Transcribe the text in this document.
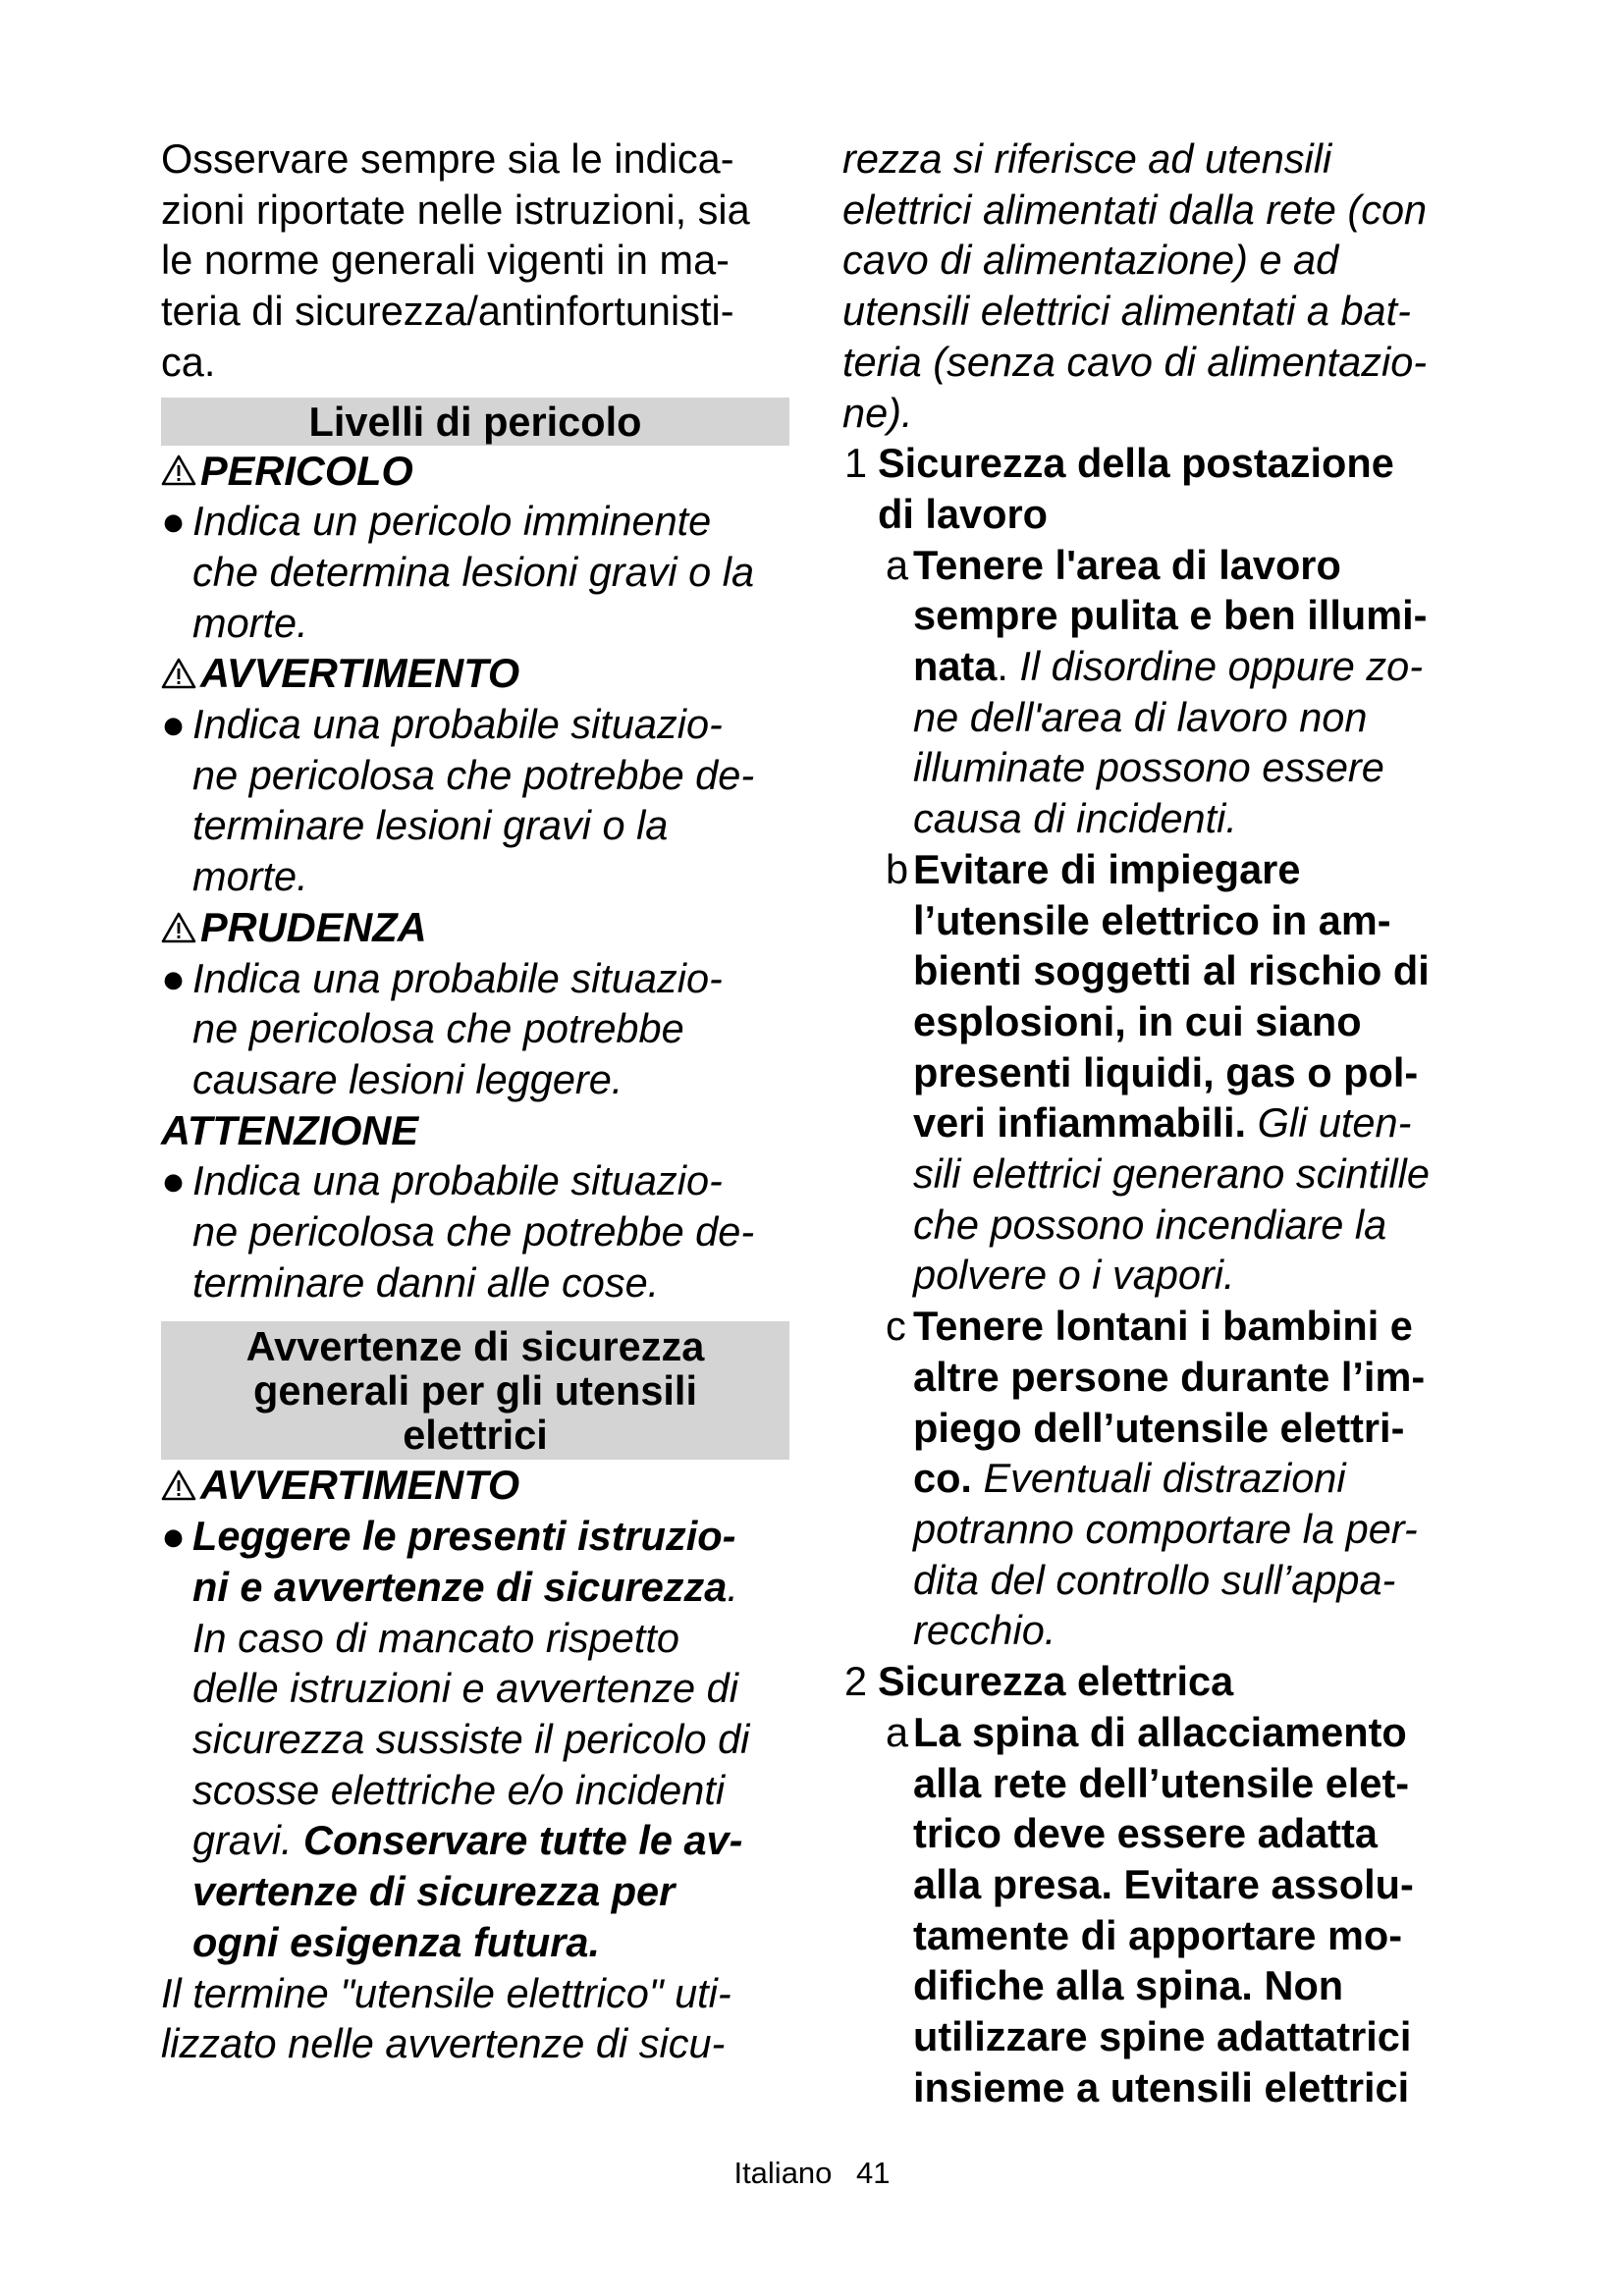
Osservare sempre sia le indica-
zioni riportate nelle istruzioni, sia
le norme generali vigenti in ma-
teria di sicurezza/antinfortunisti-
ca.

Livelli di pericolo
PERICOLO
● Indica un pericolo imminente
che determina lesioni gravi o la
morte.
AVVERTIMENTO
● Indica una probabile situazio-
ne pericolosa che potrebbe de-
terminare lesioni gravi o la
morte.
PRUDENZA
● Indica una probabile situazio-
ne pericolosa che potrebbe
causare lesioni leggere.
ATTENZIONE
● Indica una probabile situazio-
ne pericolosa che potrebbe de-
terminare danni alle cose.
Avvertenze di sicurezza
generali per gli utensili
elettrici
AVVERTIMENTO
● Leggere le presenti istruzio-
ni e avvertenze di sicurezza.
In caso di mancato rispetto
delle istruzioni e avvertenze di
sicurezza sussiste il pericolo di
scosse elettriche e/o incidenti
gravi. Conservare tutte le av-
vertenze di sicurezza per
ogni esigenza futura.

Il termine "utensile elettrico" uti-
lizzato nelle avvertenze di sicu-

rezza si riferisce ad utensili
elettrici alimentati dalla rete (con
cavo di alimentazione) e ad
utensili elettrici alimentati a bat-
teria (senza cavo di alimentazio-
ne).

1 Sicurezza della postazione
di lavoro
a Tenere l'area di lavoro
sempre pulita e ben illumi-
nata. Il disordine oppure zo-
ne dell'area di lavoro non
illuminate possono essere
causa di incidenti.
b Evitare di impiegare
l’utensile elettrico in am-
bienti soggetti al rischio di
esplosioni, in cui siano
presenti liquidi, gas o pol-
veri infiammabili. Gli uten-
sili elettrici generano scintille
che possono incendiare la
polvere o i vapori.
c Tenere lontani i bambini e
altre persone durante l’im-
piego dell’utensile elettri-
co. Eventuali distrazioni
potranno comportare la per-
dita del controllo sull’appa-
recchio.
2 Sicurezza elettrica
a La spina di allacciamento
alla rete dell’utensile elet-
trico deve essere adatta
alla presa. Evitare assolu-
tamente di apportare mo-
difiche alla spina. Non
utilizzare spine adattatrici
insieme a utensili elettrici
Italiano 41
